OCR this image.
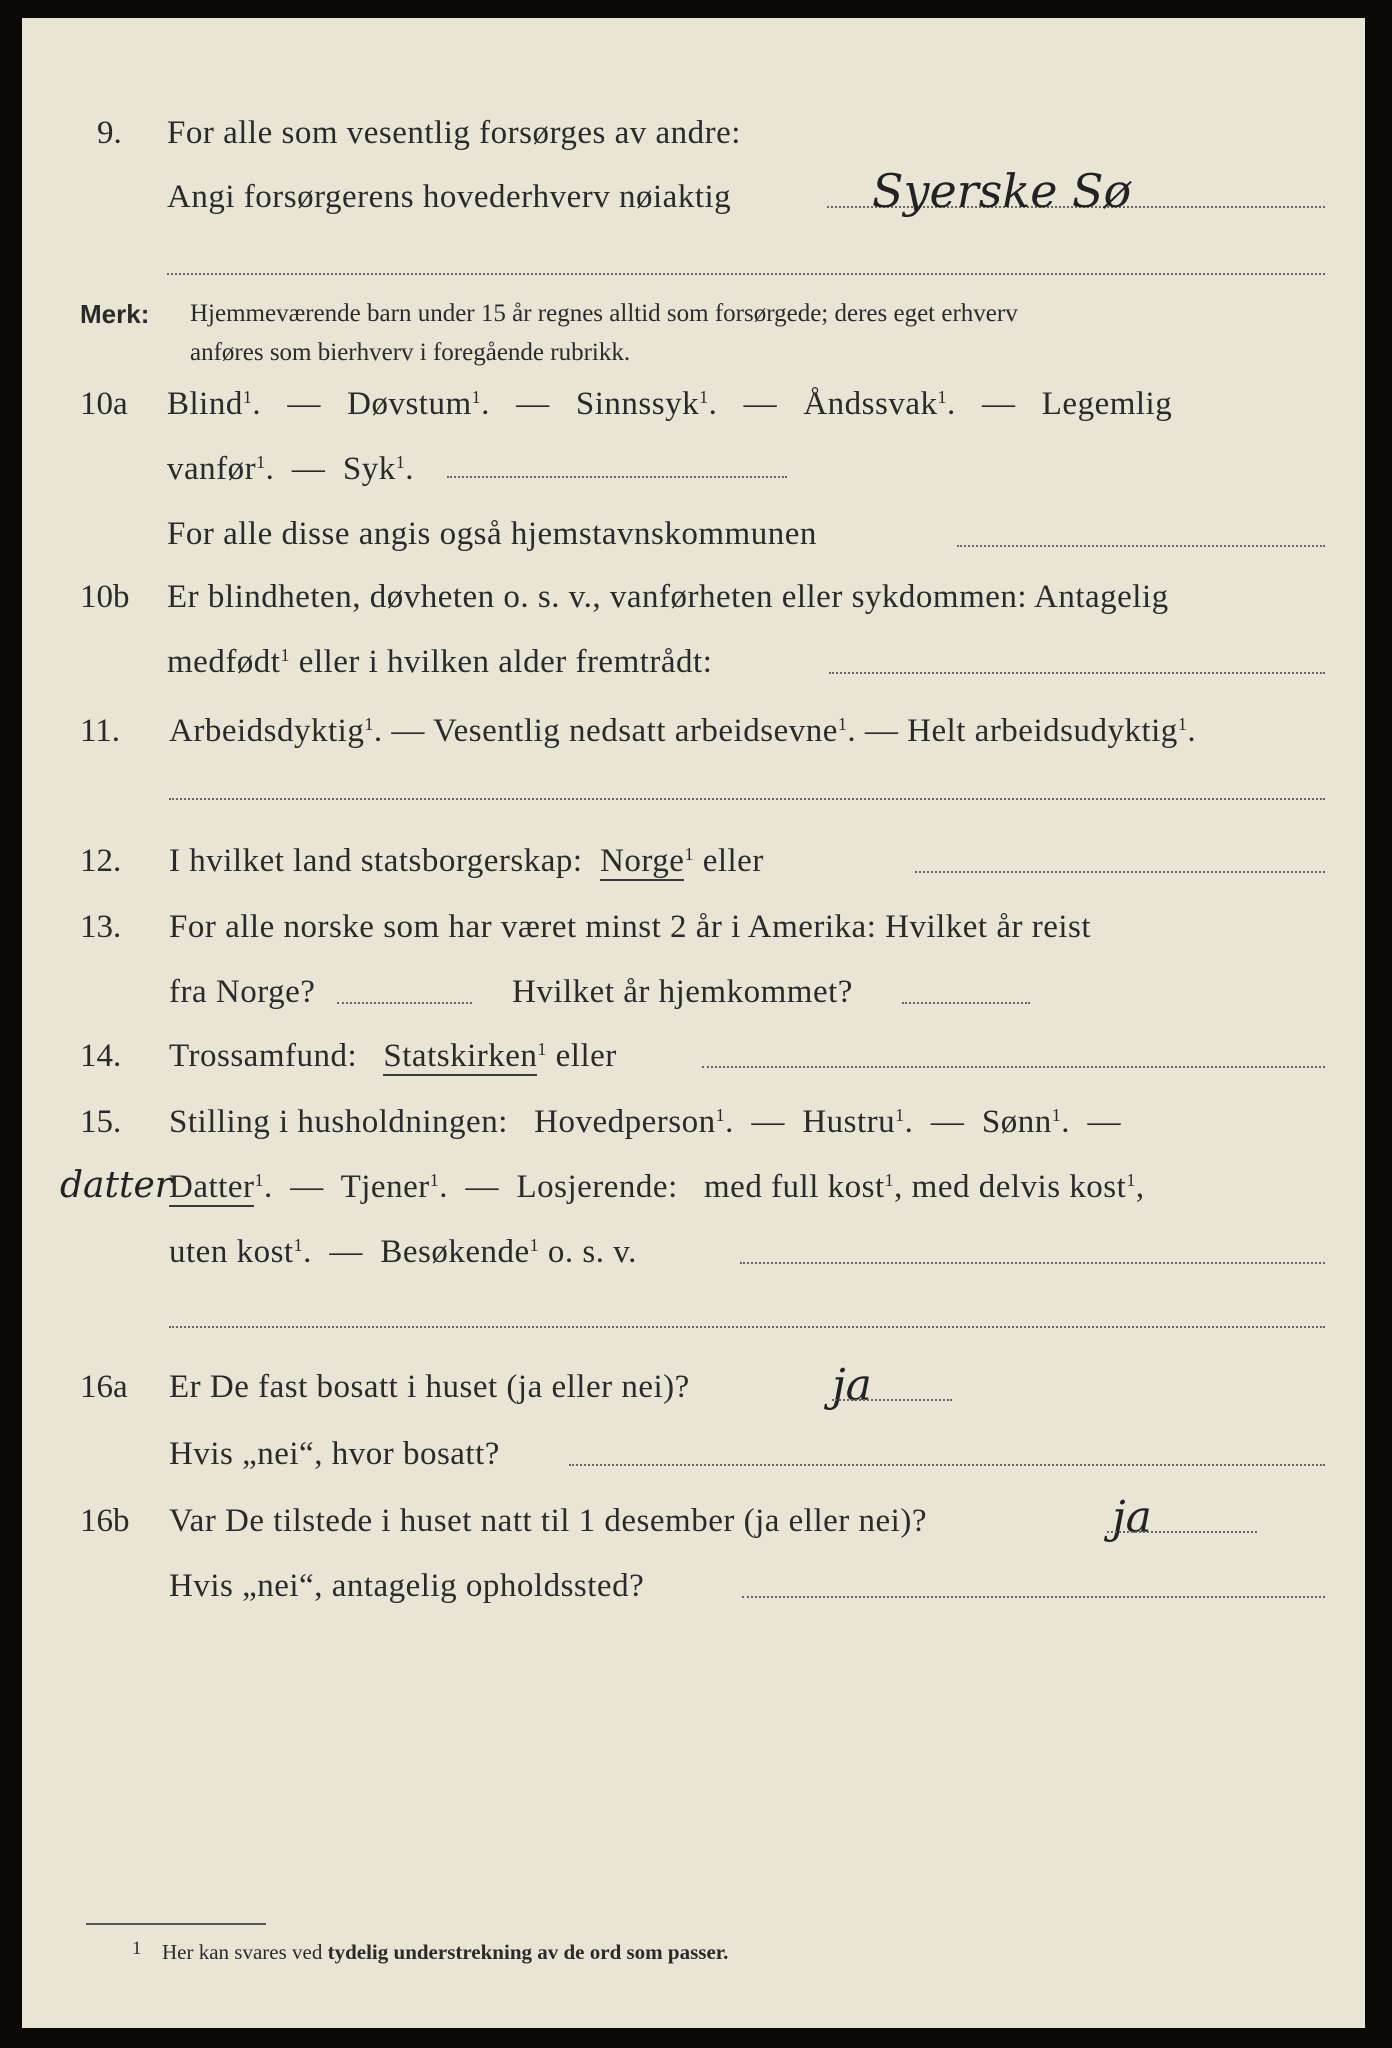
9. For alle som vesentlig forsørges av andre:
Angi forsørgerens hovederhverv nøiaktig	Syerske Sø
Merk: Hjemmeværende barn under 15 år regnes alltid som forsørgede; deres eget erhverv
anføres som bierhverv i foregående rubrikk.
10a Blind$^1$. — Døvstum$^1$. — Sinnssyk$^1$. — Åndssvak$^1$. — Legemlig
vanfør$^1$. — Syk$^1$.
For alle disse angis også hjemstavnskommunen
10b Er blindheten, døvheten o. s. v., vanførheten eller sykdommen: Antagelig
medfødt$^1$ eller i hvilken alder fremtrådt:
11. Arbeidsdyktig$^1$. — Vesentlig nedsatt arbeidsevne$^1$. — Helt arbeidsudyktig$^1$.
12. I hvilket land statsborgerskap: Norge$^1$ eller
13. For alle norske som har været minst 2 år i Amerika: Hvilket år reist
fra Norge?	Hvilket år hjemkommet?
14. Trossamfund: Statskirken$^1$ eller
15. Stilling i husholdningen: Hovedperson$^1$. — Hustru$^1$. — Sønn$^1$. —
datter
Datter$^1$. — Tjener$^1$. — Losjerende: med full kost$^1$, med delvis kost$^1$,
uten kost$^1$. — Besøkende$^1$ o. s. v.
16a Er De fast bosatt i huset (ja eller nei)?	ja
Hvis „nei“, hvor bosatt?
16b Var De tilstede i huset natt til 1 desember (ja eller nei)?	ja
Hvis „nei“, antagelig opholdssted?
1 Her kan svares ved tydelig understrekning av de ord som passer.
